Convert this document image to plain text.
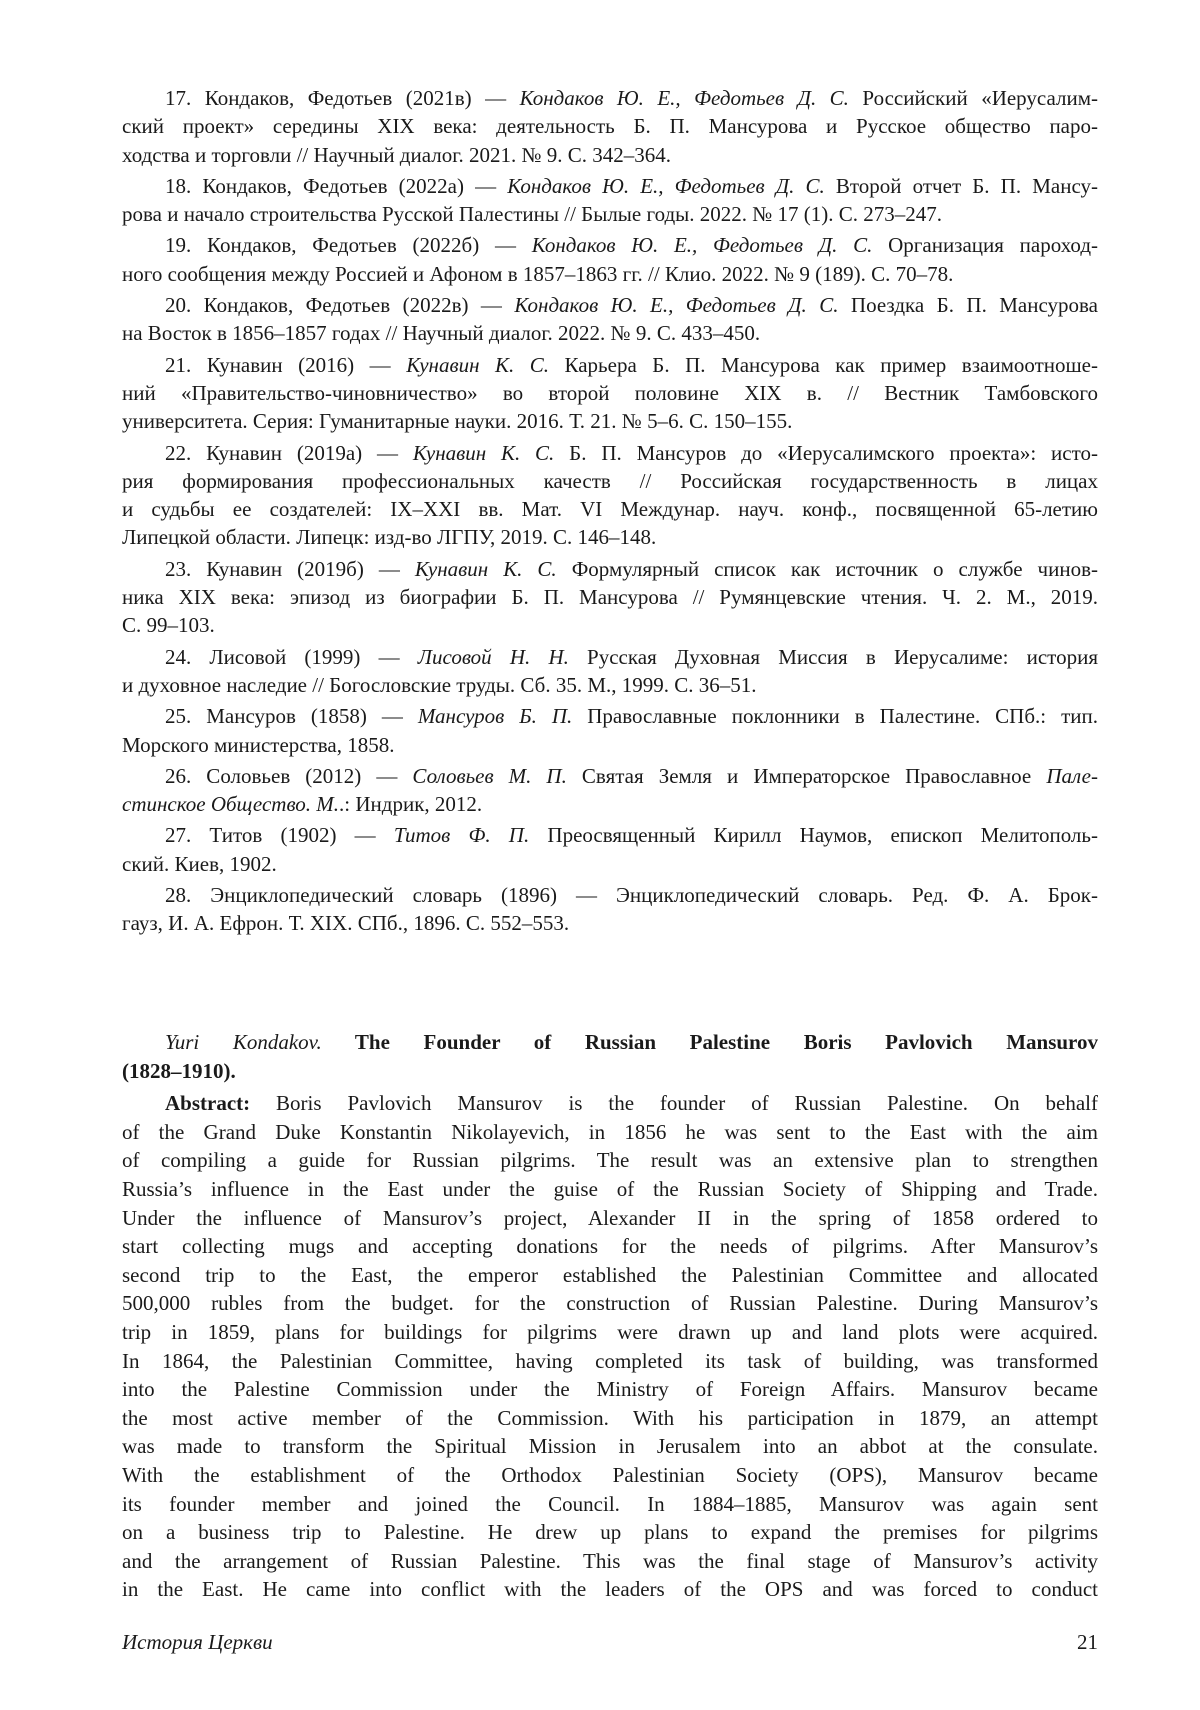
17. Кондаков, Федотьев (2021в) — Кондаков Ю. Е., Федотьев Д. С. Российский «Иерусалим-
ский проект» середины XIX века: деятельность Б. П. Мансурова и Русское общество паро-
ходства и торговли // Научный диалог. 2021. № 9. С. 342–364.
18. Кондаков, Федотьев (2022а) — Кондаков Ю. Е., Федотьев Д. С. Второй отчет Б. П. Мансу-
рова и начало строительства Русской Палестины // Былые годы. 2022. № 17 (1). С. 273–247.
19. Кондаков, Федотьев (2022б) — Кондаков Ю. Е., Федотьев Д. С. Организация пароход-
ного сообщения между Россией и Афоном в 1857–1863 гг. // Клио. 2022. № 9 (189). С. 70–78.
20. Кондаков, Федотьев (2022в) — Кондаков Ю. Е., Федотьев Д. С. Поездка Б. П. Мансурова
на Восток в 1856–1857 годах // Научный диалог. 2022. № 9. С. 433–450.
21. Кунавин (2016) — Кунавин К. С. Карьера Б. П. Мансурова как пример взаимоотноше-
ний «Правительство-чиновничество» во второй половине XIX в. // Вестник Тамбовского
университета. Серия: Гуманитарные науки. 2016. Т. 21. № 5–6. С. 150–155.
22. Кунавин (2019а) — Кунавин К. С. Б. П. Мансуров до «Иерусалимского проекта»: исто-
рия формирования профессиональных качеств // Российская государственность в лицах
и судьбы ее создателей: IX–XXI вв. Мат. VI Междунар. науч. конф., посвященной 65-летию
Липецкой области. Липецк: изд-во ЛГПУ, 2019. С. 146–148.
23. Кунавин (2019б) — Кунавин К. С. Формулярный список как источник о службе чинов-
ника XIX века: эпизод из биографии Б. П. Мансурова // Румянцевские чтения. Ч. 2. М., 2019.
С. 99–103.
24. Лисовой (1999) — Лисовой Н. Н. Русская Духовная Миссия в Иерусалиме: история
и духовное наследие // Богословские труды. Сб. 35. М., 1999. С. 36–51.
25. Мансуров (1858) — Мансуров Б. П. Православные поклонники в Палестине. СПб.: тип.
Морского министерства, 1858.
26. Соловьев (2012) — Соловьев М. П. Святая Земля и Императорское Православное Пале-
стинское Общество. М..: Индрик, 2012.
27. Титов (1902) — Титов Ф. П. Преосвященный Кирилл Наумов, епископ Мелитополь-
ский. Киев, 1902.
28. Энциклопедический словарь (1896) — Энциклопедический словарь. Ред. Ф. А. Брок-
гауз, И. А. Ефрон. Т. XIX. СПб., 1896. С. 552–553.
Yuri Kondakov. The Founder of Russian Palestine Boris Pavlovich Mansurov
(1828–1910).
Abstract: Boris Pavlovich Mansurov is the founder of Russian Palestine. On behalf
of the Grand Duke Konstantin Nikolayevich, in 1856 he was sent to the East with the aim
of compiling a guide for Russian pilgrims. The result was an extensive plan to strengthen
Russia’s influence in the East under the guise of the Russian Society of Shipping and Trade.
Under the influence of Mansurov’s project, Alexander II in the spring of 1858 ordered to
start collecting mugs and accepting donations for the needs of pilgrims. After Mansurov’s
second trip to the East, the emperor established the Palestinian Committee and allocated
500,000 rubles from the budget. for the construction of Russian Palestine. During Mansurov’s
trip in 1859, plans for buildings for pilgrims were drawn up and land plots were acquired.
In 1864, the Palestinian Committee, having completed its task of building, was transformed
into the Palestine Commission under the Ministry of Foreign Affairs. Mansurov became
the most active member of the Commission. With his participation in 1879, an attempt
was made to transform the Spiritual Mission in Jerusalem into an abbot at the consulate.
With the establishment of the Orthodox Palestinian Society (OPS), Mansurov became
its founder member and joined the Council. In 1884–1885, Mansurov was again sent
on a business trip to Palestine. He drew up plans to expand the premises for pilgrims
and the arrangement of Russian Palestine. This was the final stage of Mansurov’s activity
in the East. He came into conflict with the leaders of the OPS and was forced to conduct
История Церкви	21
